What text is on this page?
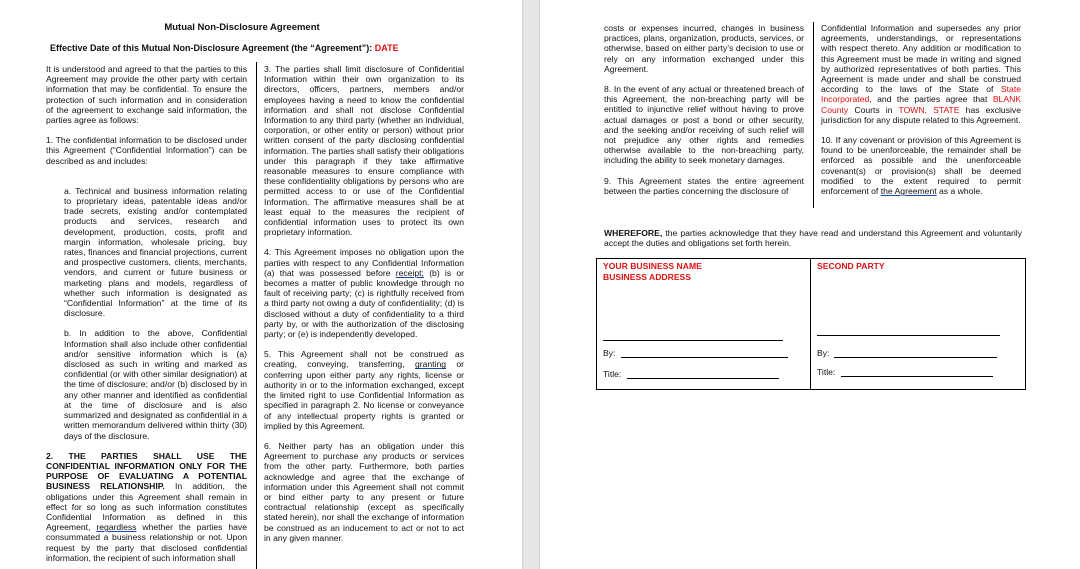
Mutual Non-Disclosure Agreement
Effective Date of this Mutual Non-Disclosure Agreement (the “Agreement”): DATE

It is understood and agreed to that the parties to this Agreement may provide the other party with certain information that may be confidential. To ensure the protection of such information and in consideration of the agreement to exchange said information, the parties agree as follows:

1. The confidential information to be disclosed under this Agreement (“Confidential Information”) can be described as and includes:

a. Technical and business information relating to proprietary ideas, patentable ideas and/or trade secrets, existing and/or contemplated products and services, research and development, production, costs, profit and margin information, wholesale pricing, buy rates, finances and financial projections, current and prospective customers, clients, merchants, vendors, and current or future business or marketing plans and models, regardless of whether such information is designated as “Confidential Information” at the time of its disclosure.

b. In addition to the above, Confidential Information shall also include other confidential and/or sensitive information which is (a) disclosed as such in writing and marked as confidential (or with other similar designation) at the time of disclosure; and/or (b) disclosed by in any other manner and identified as confidential at the time of disclosure and is also summarized and designated as confidential in a written memorandum delivered within thirty (30) days of the disclosure.

2. THE PARTIES SHALL USE THE CONFIDENTIAL INFORMATION ONLY FOR THE PURPOSE OF EVALUATING A POTENTIAL BUSINESS RELATIONSHIP. In addition, the obligations under this Agreement shall remain in effect for so long as such information constitutes Confidential Information as defined in this Agreement, regardless whether the parties have consummated a business relationship or not. Upon request by the party that disclosed confidential information, the recipient of such information shall

3. The parties shall limit disclosure of Confidential Information within their own organization to its directors, officers, partners, members and/or employees having a need to know the confidential information and shall not disclose Confidential Information to any third party (whether an individual, corporation, or other entity or person) without prior written consent of the party disclosing confidential information. The parties shall satisfy their obligations under this paragraph if they take affirmative reasonable measures to ensure compliance with these confidentiality obligations by persons who are permitted access to or use of the Confidential Information. The affirmative measures shall be at least equal to the measures the recipient of confidential information uses to protect its own proprietary information.

4. This Agreement imposes no obligation upon the parties with respect to any Confidential Information (a) that was possessed before receipt; (b) is or becomes a matter of public knowledge through no fault of receiving party; (c) is rightfully received from a third party not owing a duty of confidentiality; (d) is disclosed without a duty of confidentiality to a third party by, or with the authorization of the disclosing party; or (e) is independently developed.

5. This Agreement shall not be construed as creating, conveying, transferring, granting or conferring upon either party any rights, license or authority in or to the information exchanged, except the limited right to use Confidential Information as specified in paragraph 2. No license or conveyance of any intellectual property rights is granted or implied by this Agreement.

6. Neither party has an obligation under this Agreement to purchase any products or services from the other party. Furthermore, both parties acknowledge and agree that the exchange of information under this Agreement shall not commit or bind either party to any present or future contractual relationship (except as specifically stated herein), nor shall the exchange of information be construed as an inducement to act or not to act in any given manner.

costs or expenses incurred, changes in business practices, plans, organization, products, services, or otherwise, based on either party’s decision to use or rely on any information exchanged under this Agreement.

8. In the event of any actual or threatened breach of this Agreement, the non-breaching party will be entitled to injunctive relief without having to prove actual damages or post a bond or other security, and the seeking and/or receiving of such relief will not prejudice any other rights and remedies otherwise available to the non-breaching party, including the ability to seek monetary damages.

9. This Agreement states the entire agreement between the parties concerning the disclosure of

Confidential Information and supersedes any prior agreements, understandings, or representations with respect thereto. Any addition or modification to this Agreement must be made in writing and signed by authorized representatives of both parties. This Agreement is made under and shall be construed according to the laws of the State of State Incorporated, and the parties agree that BLANK County Courts in TOWN, STATE has exclusive jurisdiction for any dispute related to this Agreement.

10. If any covenant or provision of this Agreement is found to be unenforceable, the remainder shall be enforced as possible and the unenforceable covenant(s) or provision(s) shall be deemed modified to the extent required to permit enforcement of the Agreement as a whole.

WHEREFORE, the parties acknowledge that they have read and understand this Agreement and voluntarily accept the duties and obligations set forth herein.

YOUR BUSINESS NAME
BUSINESS ADDRESS
SECOND PARTY
By:	By:
Title:	Title:
